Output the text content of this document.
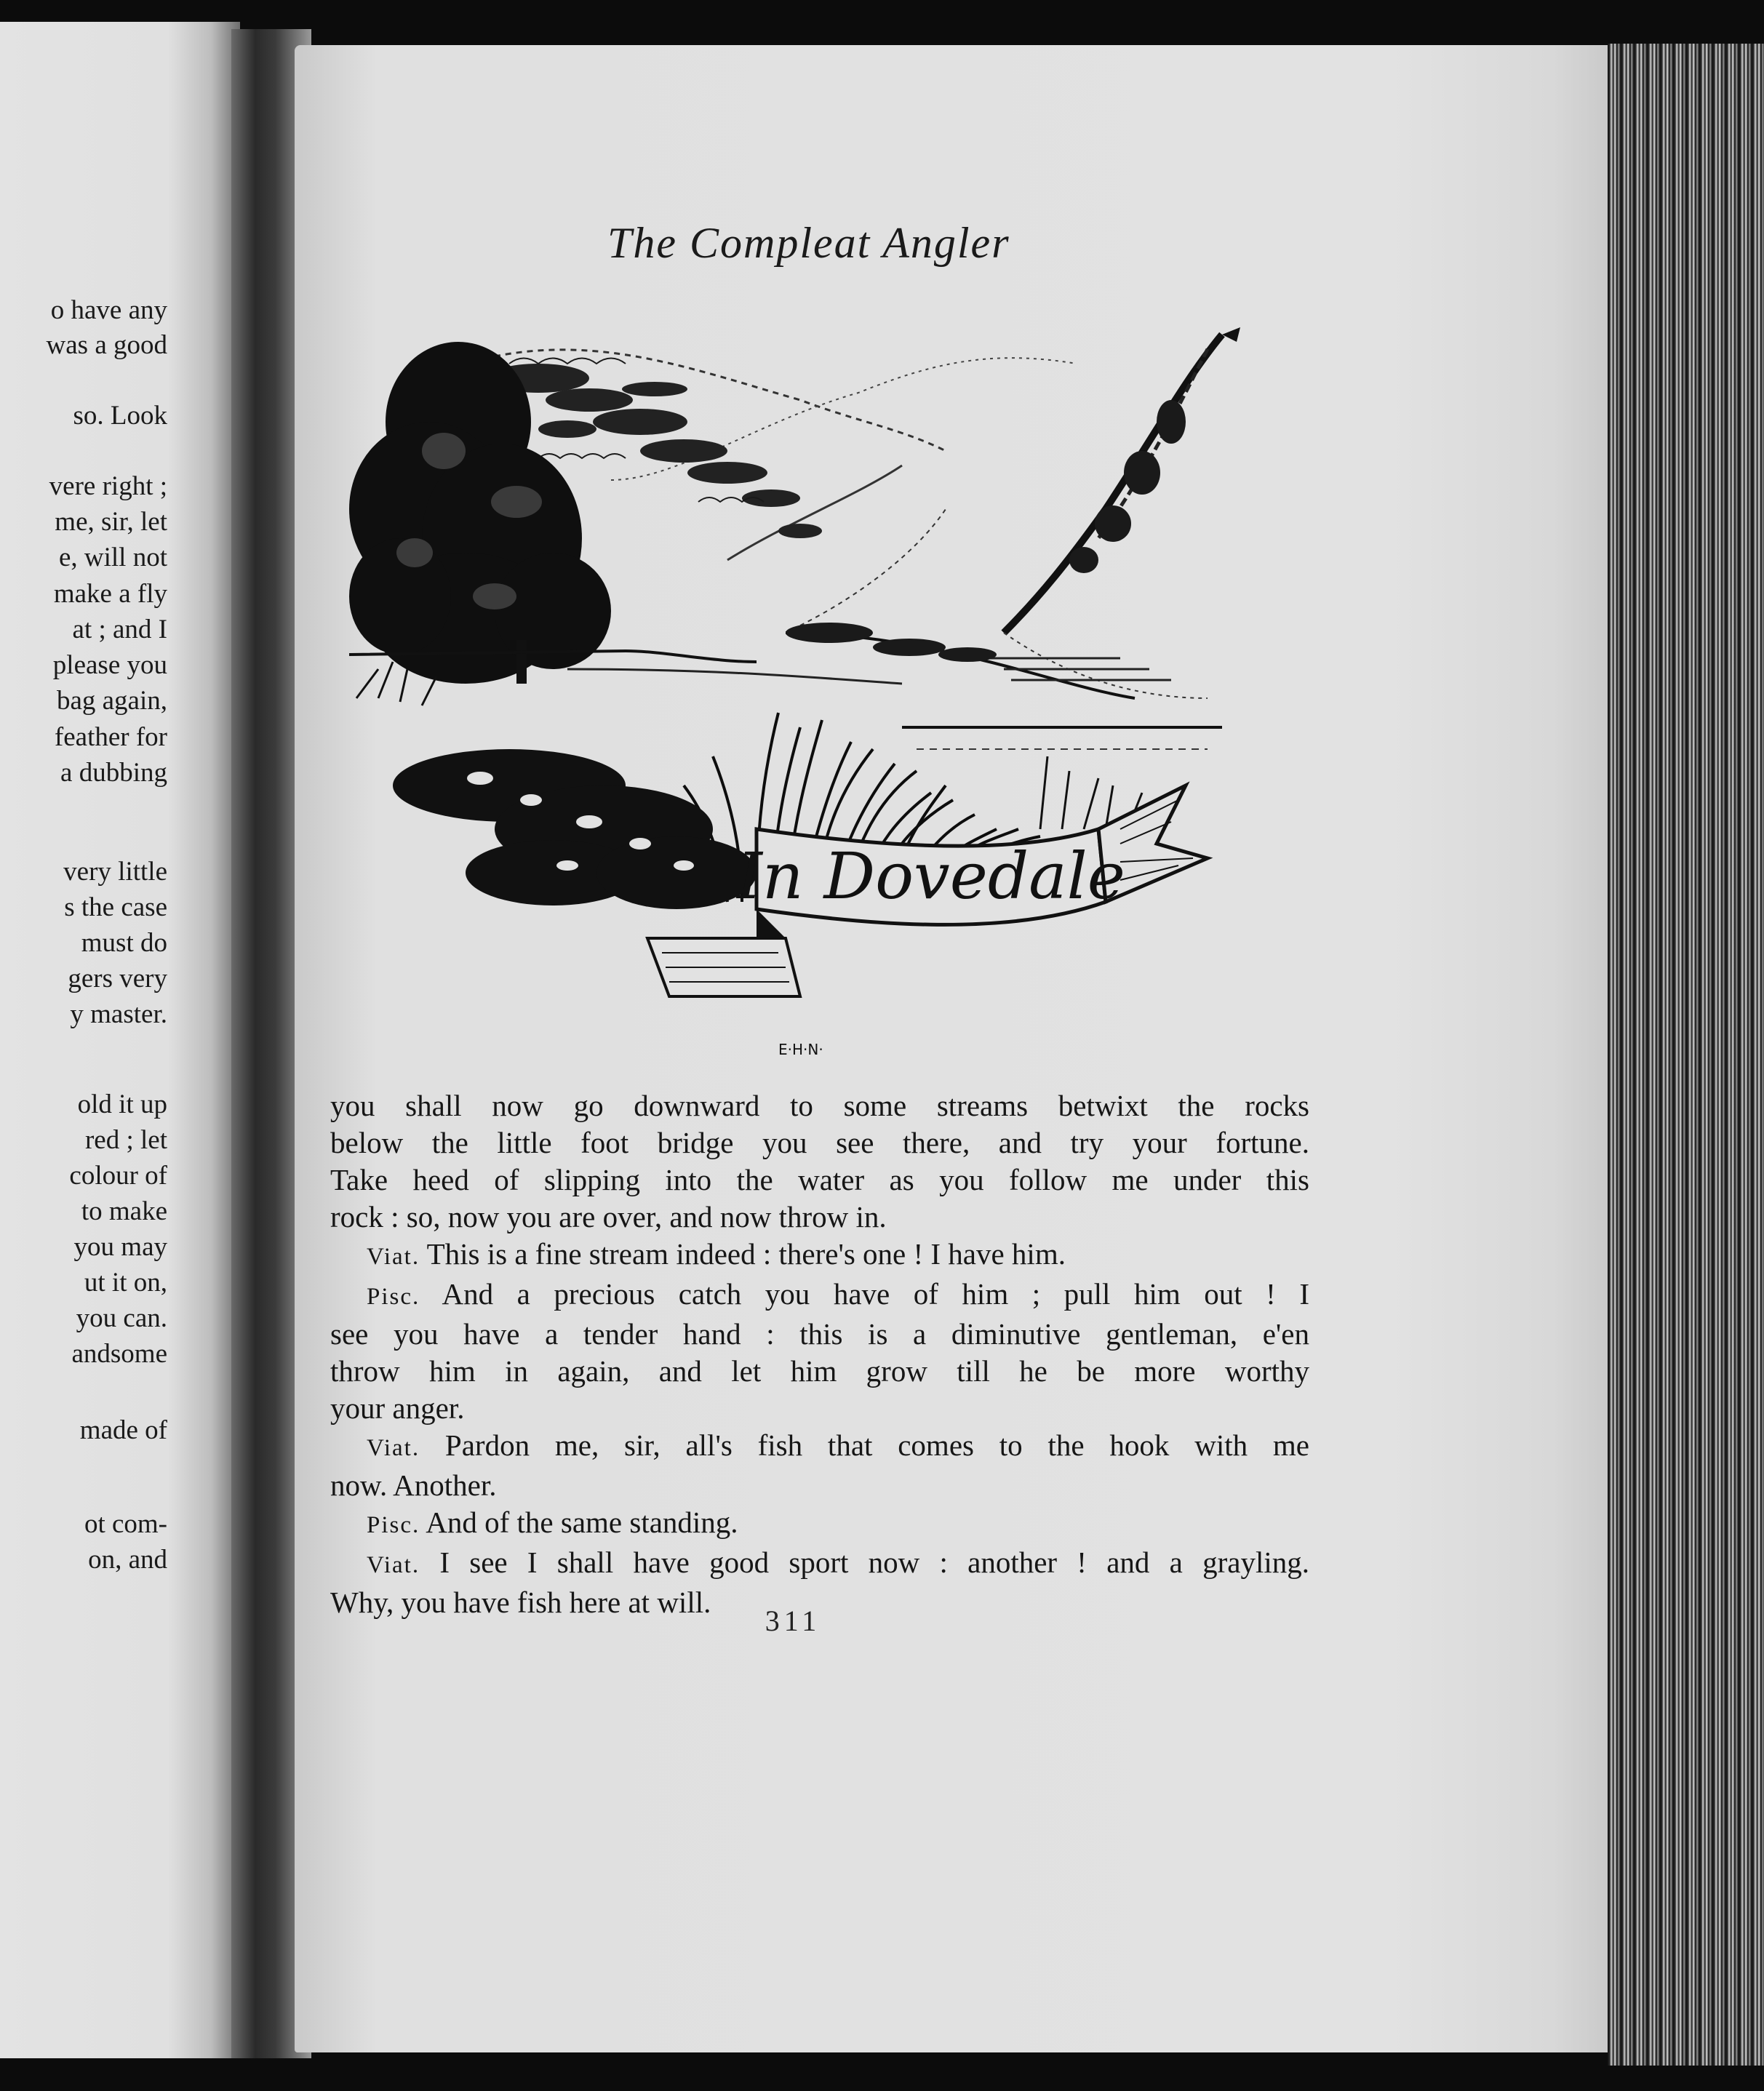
o have any
was a good
so. Look
vere right ;
me, sir, let
e, will not
make a fly
at ; and I
please you
bag again,
feather for
a dubbing
very little
s the case
must do
gers very
y master.
old it up
red ; let
colour of
to make
you may
ut it on,
you can.
andsome
made of
ot com-
on, and
The Compleat Angler
In Dovedale
E·H·N·
you shall now go downward to some streams betwixt the rocks
below the little foot bridge you see there, and try your fortune.
Take heed of slipping into the water as you follow me under this
rock : so, now you are over, and now throw in.
Viat. This is a fine stream indeed : there's one ! I have him.
Pisc. And a precious catch you have of him ; pull him out ! I
see you have a tender hand : this is a diminutive gentleman, e'en
throw him in again, and let him grow till he be more worthy
your anger.
Viat. Pardon me, sir, all's fish that comes to the hook with me
now. Another.
Pisc. And of the same standing.
Viat. I see I shall have good sport now : another ! and a grayling.
Why, you have fish here at will.
311
